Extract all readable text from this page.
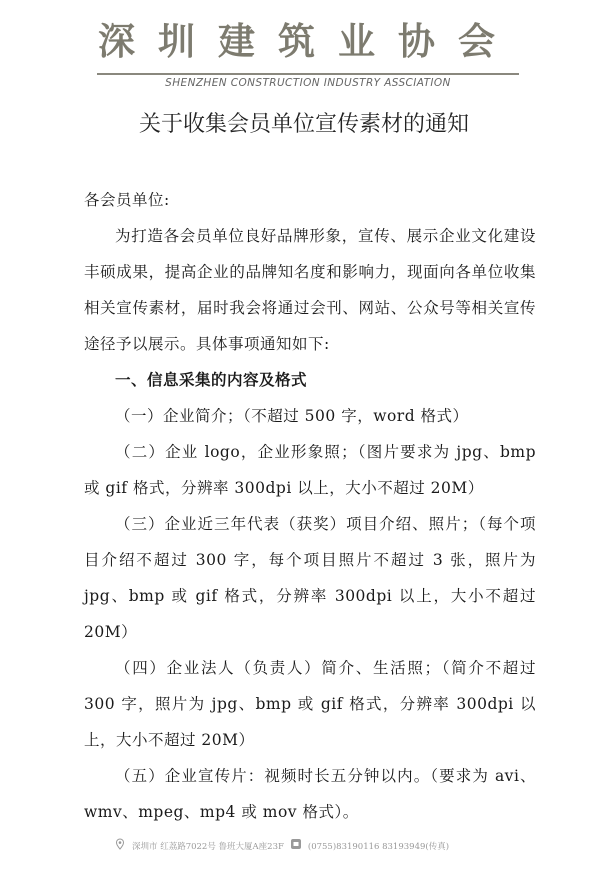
深圳建筑业协会
SHENZHEN CONSTRUCTION INDUSTRY ASSCIATION
关于收集会员单位宣传素材的通知

各会员单位:

为打造各会员单位良好品牌形象，宣传、展示企业文化建设丰硕成果，提高企业的品牌知名度和影响力，现面向各单位收集相关宣传素材，届时我会将通过会刊、网站、公众号等相关宣传途径予以展示。具体事项通知如下:

一、信息采集的内容及格式

（一）企业简介；（不超过 500 字，word 格式）

（二）企业 logo，企业形象照；（图片要求为 jpg、bmp 或 gif 格式，分辨率 300dpi 以上，大小不超过 20M）

（三）企业近三年代表（获奖）项目介绍、照片；（每个项目介绍不超过 300 字，每个项目照片不超过 3 张，照片为 jpg、bmp 或 gif 格式，分辨率 300dpi 以上，大小不超过 20M）

（四）企业法人（负责人）简介、生活照；（简介不超过 300 字，照片为 jpg、bmp 或 gif 格式，分辨率 300dpi 以上，大小不超过 20M）

（五）企业宣传片：视频时长五分钟以内。（要求为 avi、wmv、mpeg、mp4 或 mov 格式）。

深圳市 红荔路7022号 鲁班大厦A座23F	(0755)83190116 83193949(传真)
